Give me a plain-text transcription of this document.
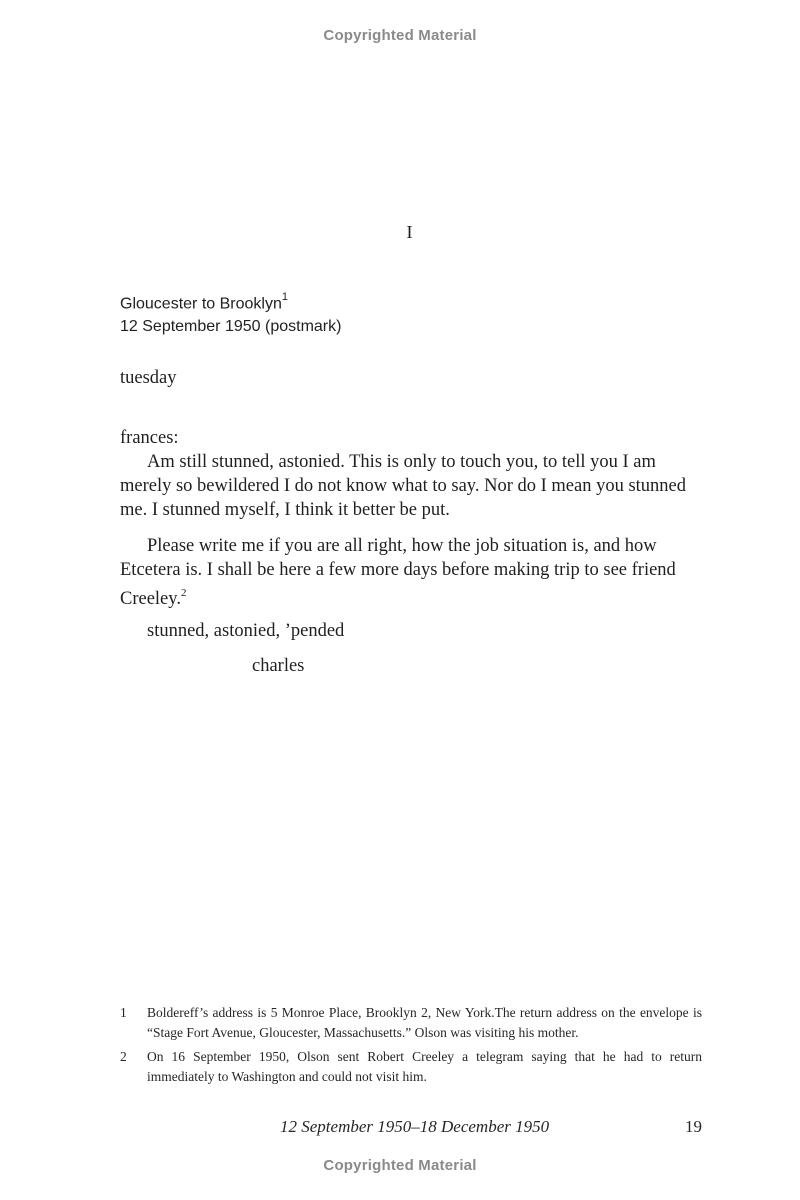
Copyrighted Material
I
Gloucester to Brooklyn$^1$
12 September 1950 (postmark)
tuesday
frances:

Am still stunned, astonied. This is only to touch you, to tell you I am merely so bewildered I do not know what to say. Nor do I mean you stunned me. I stunned myself, I think it better be put.

Please write me if you are all right, how the job situation is, and how Etcetera is. I shall be here a few more days before making trip to see friend Creeley.$^2$

stunned, astonied, ’pended

charles

1	Boldereff’s address is 5 Monroe Place, Brooklyn 2, New York.The return address on the envelope is “Stage Fort Avenue, Gloucester, Massachusetts.” Olson was visiting his mother.
2	On 16 September 1950, Olson sent Robert Creeley a telegram saying that he had to return immediately to Washington and could not visit him.
12 September 1950–18 December 1950	19
Copyrighted Material
